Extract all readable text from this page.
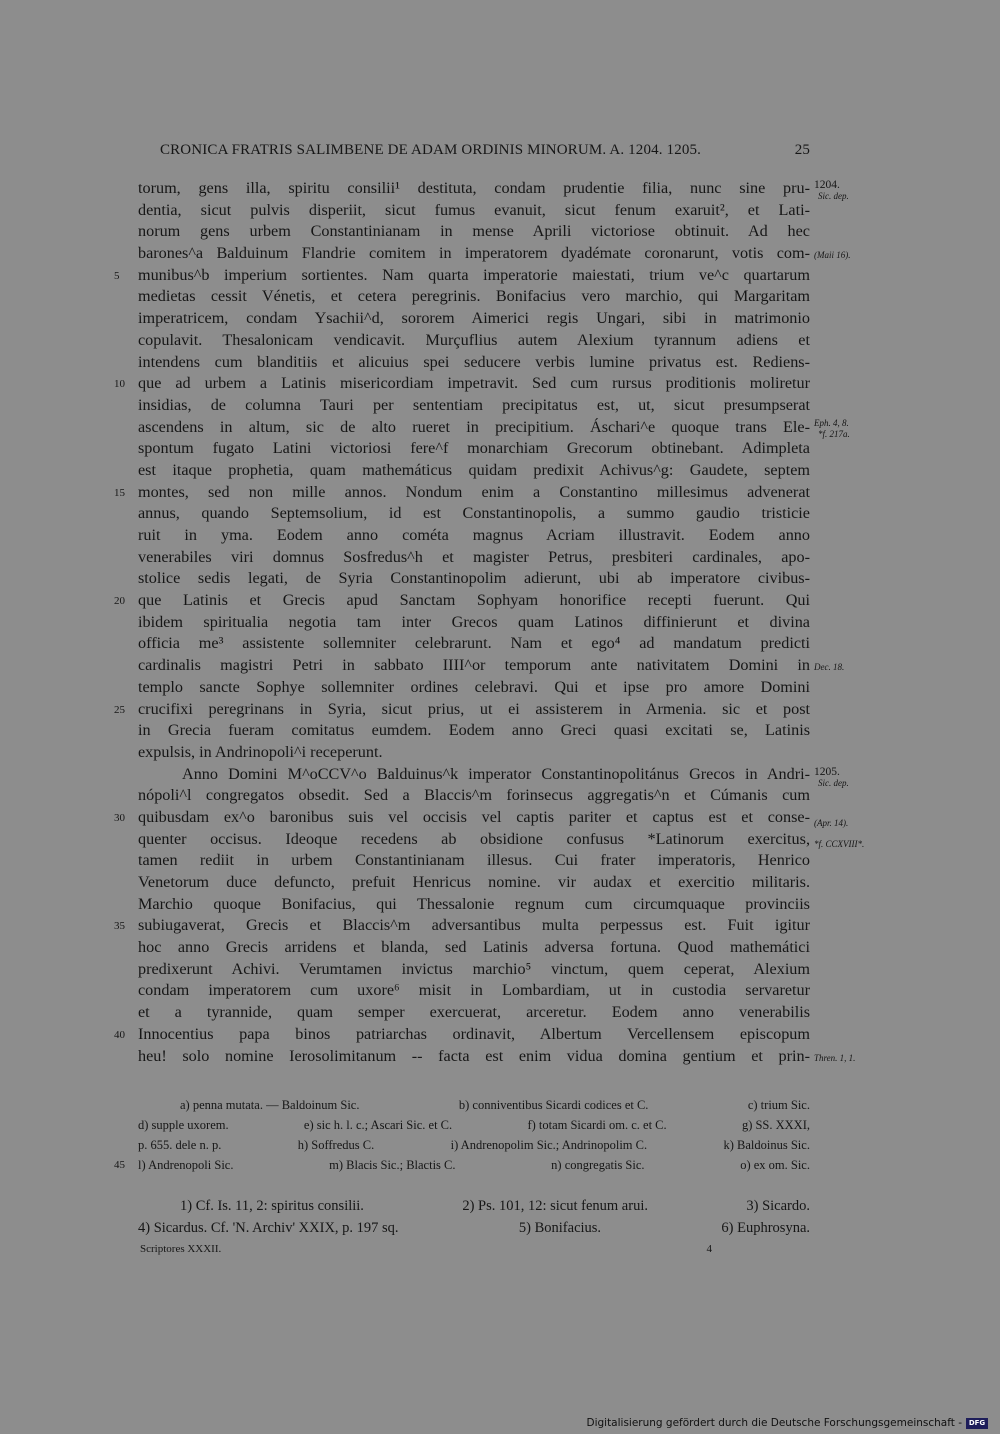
CRONICA FRATRIS SALIMBENE DE ADAM ORDINIS MINORUM. A. 1204. 1205.	25
torum, gens illa, spiritu consilii¹ destituta, condam prudentie filia, nunc sine pru-
dentia, sicut pulvis disperiit, sicut fumus evanuit, sicut fenum exaruit², et Lati-
norum gens urbem Constantinianam in mense Aprili victoriose obtinuit. Ad hec
barones^a Balduinum Flandrie comitem in imperatorem dyadémate coronarunt, votis com-
5	munibus^b imperium sortientes. Nam quarta imperatorie maiestati, trium ve^c quartarum
medietas cessit Vénetis, et cetera peregrinis. Bonifacius vero marchio, qui Margaritam
imperatricem, condam Ysachii^d, sororem Aimerici regis Ungari, sibi in matrimonio
copulavit. Thesalonicam vendicavit. Murçuflius autem Alexium tyrannum adiens et
intendens cum blanditiis et alicuius spei seducere verbis lumine privatus est. Rediens-
10 que ad urbem a Latinis misericordiam impetravit. Sed cum rursus proditionis moliretur
insidias, de columna Tauri per sententiam precipitatus est, ut, sicut presumpserat
ascendens in altum, sic de alto rueret in precipitium. Áschari^e quoque trans Ele-
spontum fugato Latini victoriosi fere^f monarchiam Grecorum obtinebant. Adimpleta
est itaque prophetia, quam mathemáticus quidam predixit Achivus^g: Gaudete, septem
15 montes, sed non mille annos. Nondum enim a Constantino millesimus advenerat
annus, quando Septemsolium, id est Constantinopolis, a summo gaudio tristicie
ruit in yma. Eodem anno cométa magnus Acriam illustravit. Eodem anno
venerabiles viri domnus Sosfredus^h et magister Petrus, presbiteri cardinales, apo-
stolice sedis legati, de Syria Constantinopolim adierunt, ubi ab imperatore civibus-
20 que Latinis et Grecis apud Sanctam Sophyam honorifice recepti fuerunt. Qui
ibidem spiritualia negotia tam inter Grecos quam Latinos diffinierunt et divina
officia me³ assistente sollemniter celebrarunt. Nam et ego⁴ ad mandatum predicti
cardinalis magistri Petri in sabbato IIII^or temporum ante nativitatem Domini in
templo sancte Sophye sollemniter ordines celebravi. Qui et ipse pro amore Domini
25 crucifixi peregrinans in Syria, sicut prius, ut ei assisterem in Armenia. sic et post
in Grecia fueram comitatus eumdem. Eodem anno Greci quasi excitati se, Latinis
expulsis, in Andrinopoli^i receperunt.
Anno Domini M^oCCV^o Balduinus^k imperator Constantinopolitánus Grecos in Andri-
nópoli^l congregatos obsedit. Sed a Blaccis^m forinsecus aggregatis^n et Cúmanis cum
30 quibusdam ex^o baronibus suis vel occisis vel captis pariter et captus est et conse-
quenter occisus. Ideoque recedens ab obsidione confusus *Latinorum exercitus,
tamen rediit in urbem Constantinianam illesus. Cui frater imperatoris, Henrico
Venetorum duce defuncto, prefuit Henricus nomine. vir audax et exercitio militaris.
Marchio quoque Bonifacius, qui Thessalonie regnum cum circumquaque provinciis
35 subiugaverat, Grecis et Blaccis^m adversantibus multa perpessus est. Fuit igitur
hoc anno Grecis arridens et blanda, sed Latinis adversa fortuna. Quod mathemátici
predixerunt Achivi. Verumtamen invictus marchio⁵ vinctum, quem ceperat, Alexium
condam imperatorem cum uxore⁶ misit in Lombardiam, ut in custodia servaretur
et a tyrannide, quam semper exercuerat, arceretur. Eodem anno venerabilis
40 Innocentius papa binos patriarchas ordinavit, Albertum Vercellensem episcopum
heu! solo nomine Ierosolimitanum -- facta est enim vidua domina gentium et prin-
1204.
Sic. dep.
(Maii 16).
Eph. 4, 8.
*f. 217a.
Dec. 18.
1205.
Sic. dep.
(Apr. 14).
*f. CCXVIII*.
Thren. 1, 1.
a) penna mutata. — Baldoinum Sic.	b) conniventibus Sicardi codices et C.	c) trium Sic.
d) supple uxorem.	e) sic h. l. c.; Ascari Sic. et C.	f) totam Sicardi om. c. et C.	g) SS. XXXI,
p. 655. dele n. p.	h) Soffredus C.	i) Andrenopolim Sic.; Andrinopolim C.	k) Baldoinus Sic.
45	l) Andrenopoli Sic.	m) Blacis Sic.; Blactis C.	n) congregatis Sic.	o) ex om. Sic.
1) Cf. Is. 11, 2: spiritus consilii.	2) Ps. 101, 12: sicut fenum arui.	3) Sicardo.
4) Sicardus. Cf. 'N. Archiv' XXIX, p. 197 sq.	5) Bonifacius.	6) Euphrosyna.
Scriptores XXXII.	4
Digitalisierung gefördert durch die Deutsche Forschungsgemeinschaft - DFG
